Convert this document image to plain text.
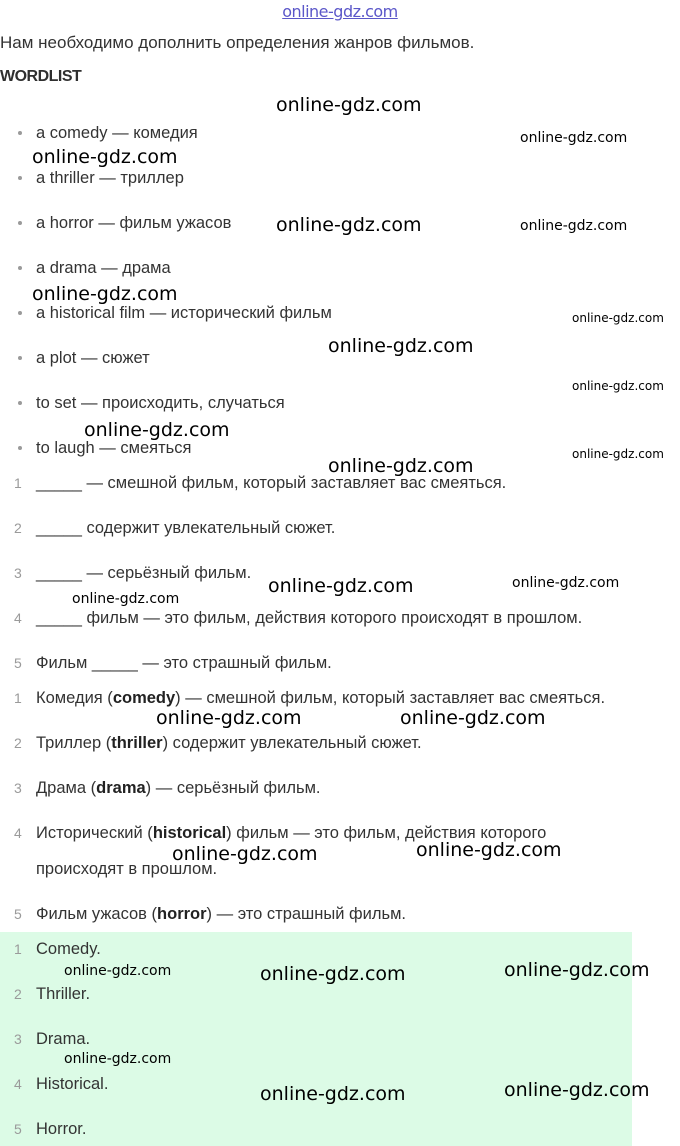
online-gdz.com
Нам необходимо дополнить определения жанров фильмов.
WORDLIST
a comedy — комедия
a thriller — триллер
a horror — фильм ужасов
a drama — драма
a historical film — исторический фильм
a plot — сюжет
to set — происходить, случаться
to laugh — смеяться
1 _____ — смешной фильм, который заставляет вас смеяться.
2 _____ содержит увлекательный сюжет.
3 _____ — серьёзный фильм.
4 _____ фильм — это фильм, действия которого происходят в прошлом.
5 Фильм _____ — это страшный фильм.
1 Комедия (comedy) — смешной фильм, который заставляет вас смеяться.
2 Триллер (thriller) содержит увлекательный сюжет.
3 Драма (drama) — серьёзный фильм.
4 Исторический (historical) фильм — это фильм, действия которого
происходят в прошлом.
5 Фильм ужасов (horror) — это страшный фильм.
1 Comedy.
2 Thriller.
3 Drama.
4 Historical.
5 Horror.
online-gdz.com
online-gdz.com
online-gdz.com
online-gdz.com	online-gdz.com
online-gdz.com
online-gdz.com
online-gdz.com
online-gdz.com
online-gdz.com
online-gdz.com
online-gdz.com
online-gdz.com	online-gdz.com
online-gdz.com
online-gdz.com	online-gdz.com
online-gdz.com	online-gdz.com
online-gdz.com	online-gdz.com	online-gdz.com
online-gdz.com
online-gdz.com	online-gdz.com
